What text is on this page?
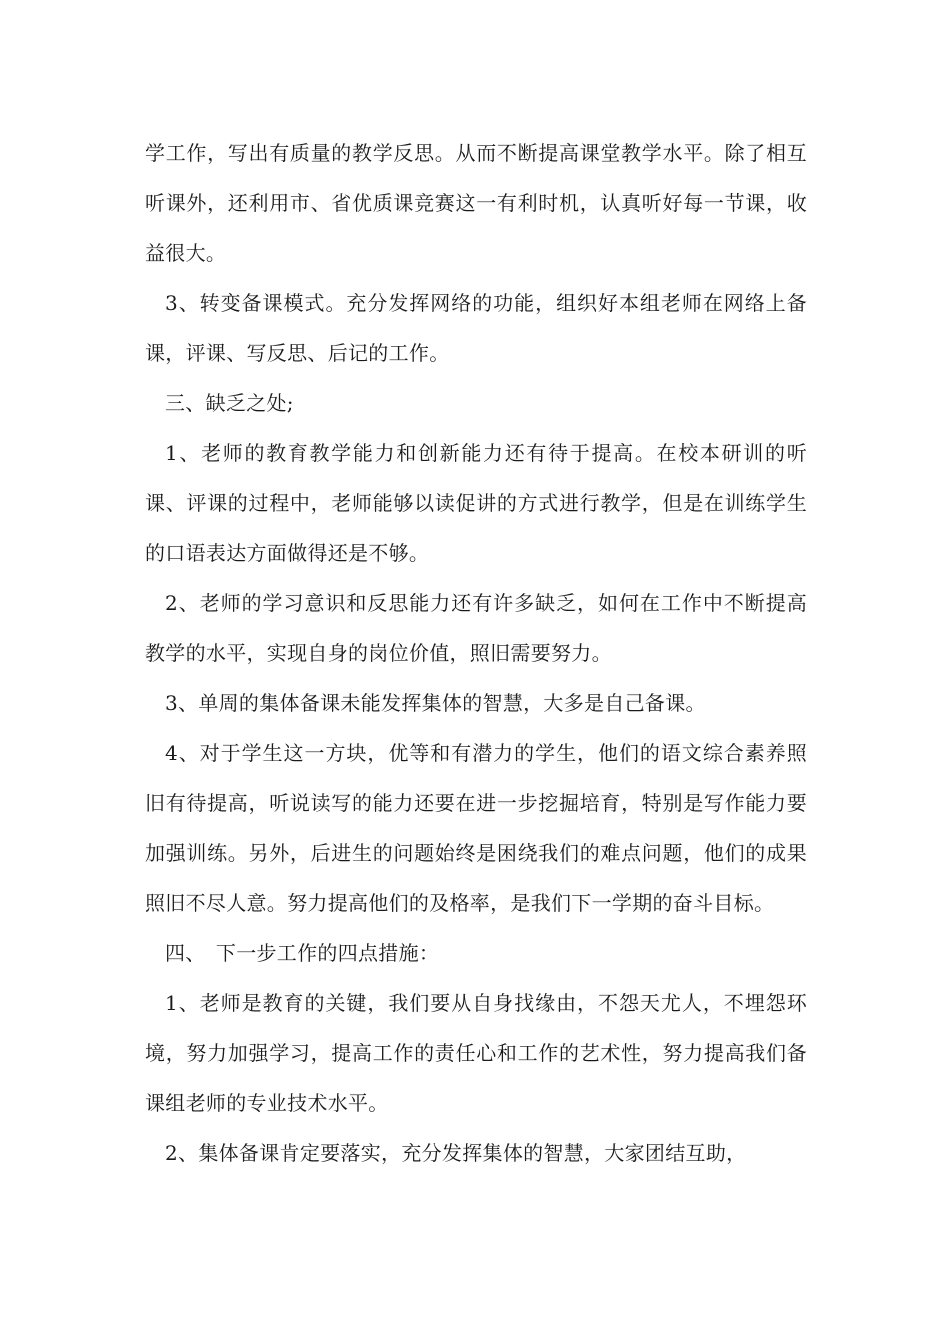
学工作，写出有质量的教学反思。从而不断提高课堂教学水平。除了相互听课外，还利用市、省优质课竞赛这一有利时机，认真听好每一节课，收益很大。

3、转变备课模式。充分发挥网络的功能，组织好本组老师在网络上备课，评课、写反思、后记的工作。

三、缺乏之处;

1、老师的教育教学能力和创新能力还有待于提高。在校本研训的听课、评课的过程中，老师能够以读促讲的方式进行教学，但是在训练学生的口语表达方面做得还是不够。

2、老师的学习意识和反思能力还有许多缺乏，如何在工作中不断提高教学的水平，实现自身的岗位价值，照旧需要努力。

3、单周的集体备课未能发挥集体的智慧，大多是自己备课。

4、对于学生这一方块，优等和有潜力的学生，他们的语文综合素养照旧有待提高，听说读写的能力还要在进一步挖掘培育，特别是写作能力要加强训练。另外，后进生的问题始终是困绕我们的难点问题，他们的成果照旧不尽人意。努力提高他们的及格率，是我们下一学期的奋斗目标。

四、　下一步工作的四点措施：

1、老师是教育的关键，我们要从自身找缘由，不怨天尤人，不埋怨环境，努力加强学习，提高工作的责任心和工作的艺术性，努力提高我们备课组老师的专业技术水平。

2、集体备课肯定要落实，充分发挥集体的智慧，大家团结互助，
